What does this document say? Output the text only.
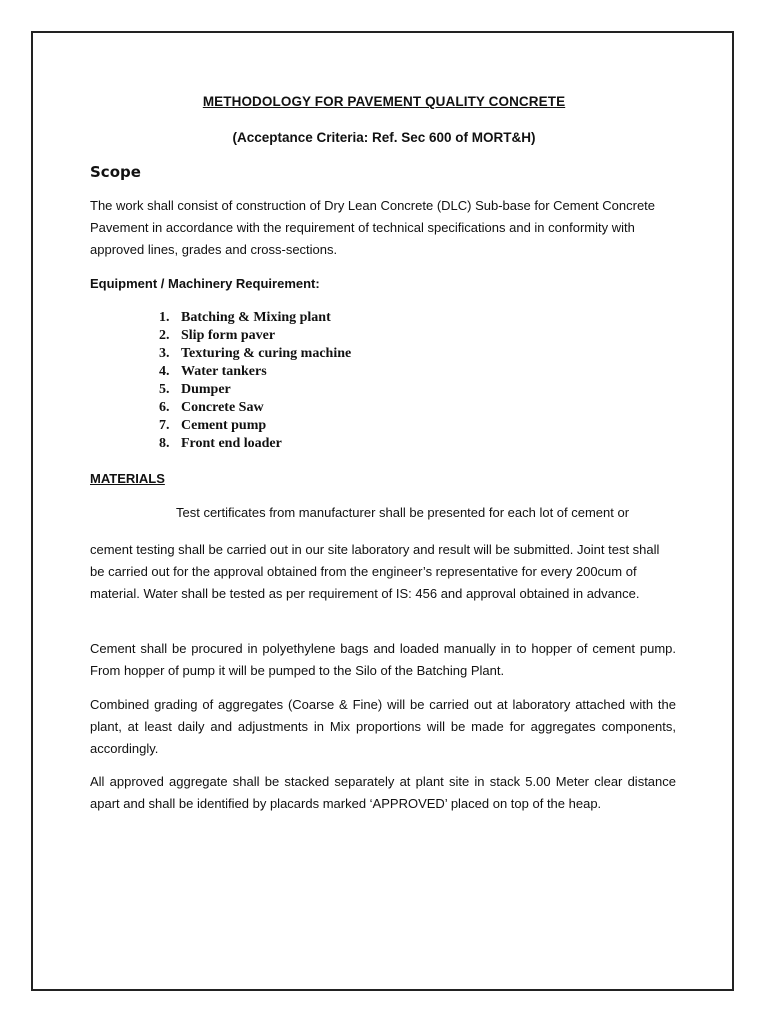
METHODOLOGY FOR PAVEMENT QUALITY CONCRETE
(Acceptance Criteria: Ref. Sec 600 of MORT&H)
Scope

The work shall consist of construction of Dry Lean Concrete (DLC) Sub-base for Cement Concrete Pavement in accordance with the requirement of technical specifications and in conformity with approved lines, grades and cross-sections.

Equipment / Machinery Requirement:
1. Batching & Mixing plant
2. Slip form paver
3. Texturing & curing machine
4. Water tankers
5. Dumper
6. Concrete Saw
7. Cement pump
8. Front end loader
MATERIALS
Test certificates from manufacturer shall be presented for each lot of cement or

cement testing shall be carried out in our site laboratory and result will be submitted. Joint test shall be carried out for the approval obtained from the engineer’s representative for every 200cum of material. Water shall be tested as per requirement of IS: 456 and approval obtained in advance.

Cement shall be procured in polyethylene bags and loaded manually in to hopper of cement pump. From hopper of pump it will be pumped to the Silo of the Batching Plant.

Combined grading of aggregates (Coarse & Fine) will be carried out at laboratory attached with the plant, at least daily and adjustments in Mix proportions will be made for aggregates components, accordingly.

All approved aggregate shall be stacked separately at plant site in stack 5.00 Meter clear distance apart and shall be identified by placards marked ‘APPROVED’ placed on top of the heap.
